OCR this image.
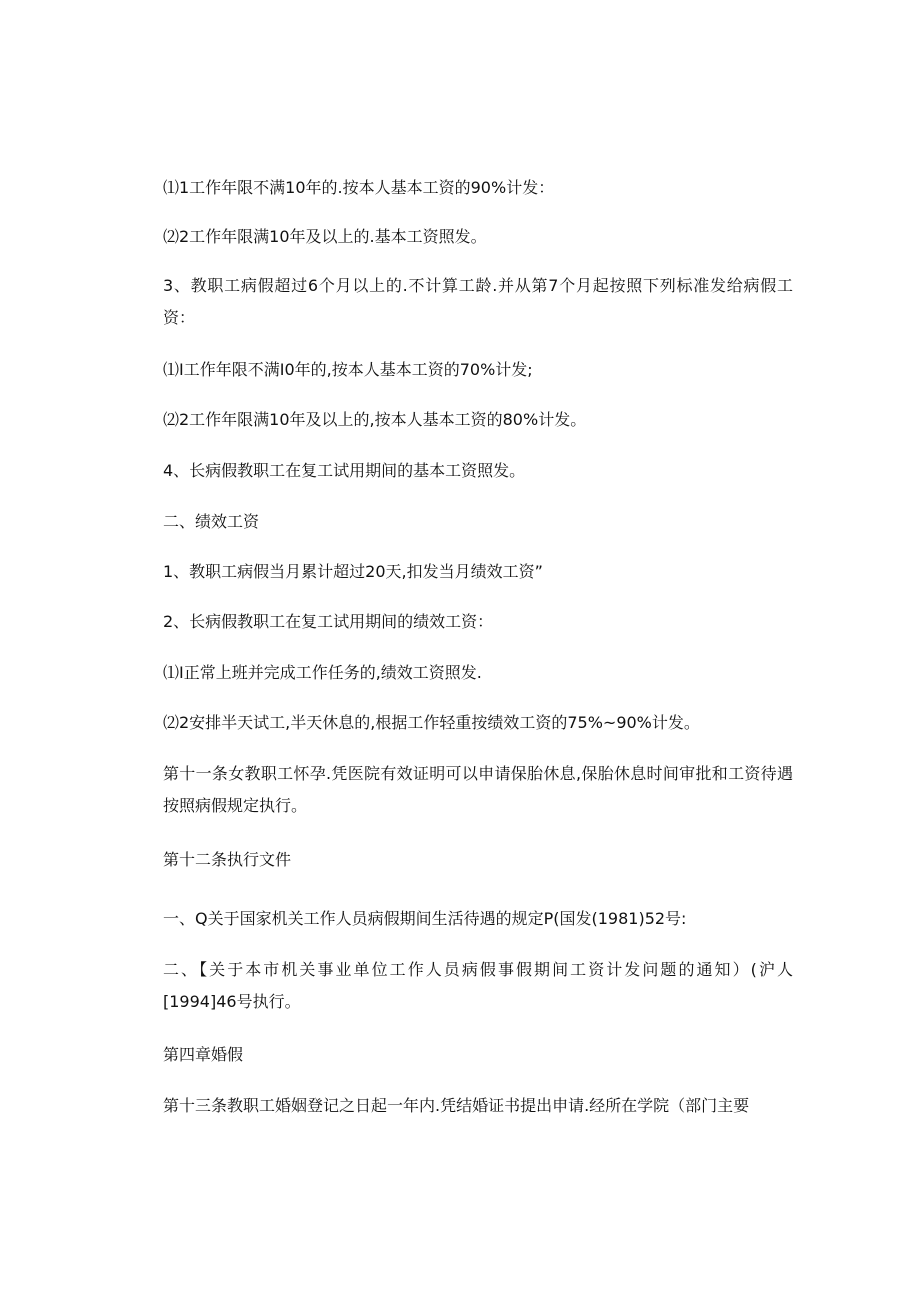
⑴1工作年限不满10年的.按本人基本工资的90%计发：

⑵2工作年限满10年及以上的.基本工资照发。

3、教职工病假超过6个月以上的.不计算工龄.并从第7个月起按照下列标准发给病假工资：

⑴I工作年限不满I0年的,按本人基本工资的70%计发;

⑵2工作年限满10年及以上的,按本人基本工资的80%计发。

4、长病假教职工在复工试用期间的基本工资照发。

二、绩效工资

1、教职工病假当月累计超过20天,扣发当月绩效工资”

2、长病假教职工在复工试用期间的绩效工资：

⑴I正常上班并完成工作任务的,绩效工资照发.

⑵2安排半天试工,半天休息的,根据工作轻重按绩效工资的75%~90%计发。

第十一条女教职工怀孕.凭医院有效证明可以申请保胎休息,保胎休息时间审批和工资待遇按照病假规定执行。

第十二条执行文件

一、Q关于国家机关工作人员病假期间生活待遇的规定P(国发(1981)52号:

二、【关于本市机关事业单位工作人员病假事假期间工资计发问题的通知）(沪人[1994]46号执行。

第四章婚假

第十三条教职工婚姻登记之日起一年内.凭结婚证书提出申请.经所在学院（部门主要
